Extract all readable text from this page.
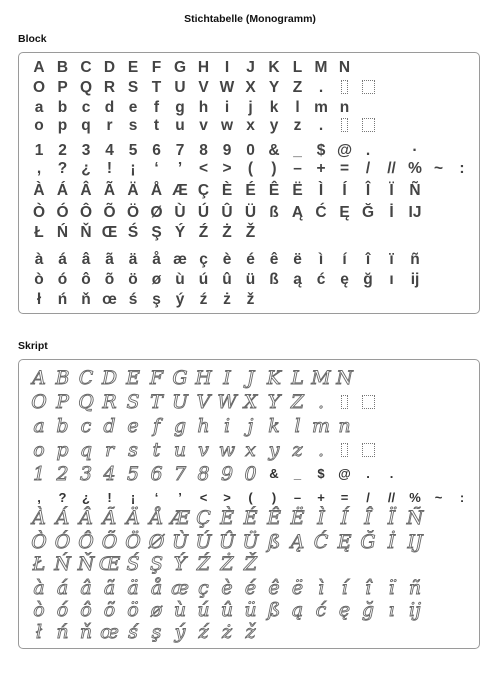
Stichtabelle (Monogramm)
Block
A B C D E F G H	I	J K L M N
O P Q R S T U V W X Y Z	.
a b c d e	f	g h	i	j	k	l m n
o p q	r	s	t	u v w x y z	.
1 2 3 4 5 6 7 8 9 0 & _ $ @ .	·
,	? ¿	!	¡	‘	’	< >	(	)	– + =	/	// % ~	:
À Á Â Ã Ä Å Æ Ç È É Ê Ë	Ì	Í	Î	Ï	Ñ
Ò Ó Ô Õ Ö Ø Ù Ú Û Ü ß Ą Ć Ę Ğ İ IJ
Ł Ń Ň Œ Ś Ş Ý Ź Ż Ž
à á â ã ä å æ ç è é ê ë	ì	í	î	ï	ñ
ò ó ô õ ö ø ù ú û ü ß ą ć ę ğ	ı	ij
ł	ń ň œ ś ş ý ź	ż	ž
Skript
A B C D E F G H I J K L M N
O P Q R S T U V W X Y Z .
a b c d e f g h i j k l m n
o p q r s t u v w x y z .
1 2 3 4 5 6 7 8 9 0 &	_	$	@	.	.
,	?	¿	!	¡	‘	’	<	>	(	)	–	+	=	/	//	%	~	:
À Á Â Ã Ä Å Æ Ç È É Ê Ë Ì Í Î Ï Ñ
Ò Ó Ô Õ Ö Ø Ù Ú Û Ü ß Ą Ć Ę Ğ İ IJ
Ł Ń Ň Œ Ś Ş Ý Ź Ż Ž
à á â ã ä å æ ç è é ê ë ì í î ï ñ
ò ó ô õ ö ø ù ú û ü ß ą ć ę ğ ı ij
ł ń ň œ ś ş ý ź ż ž
